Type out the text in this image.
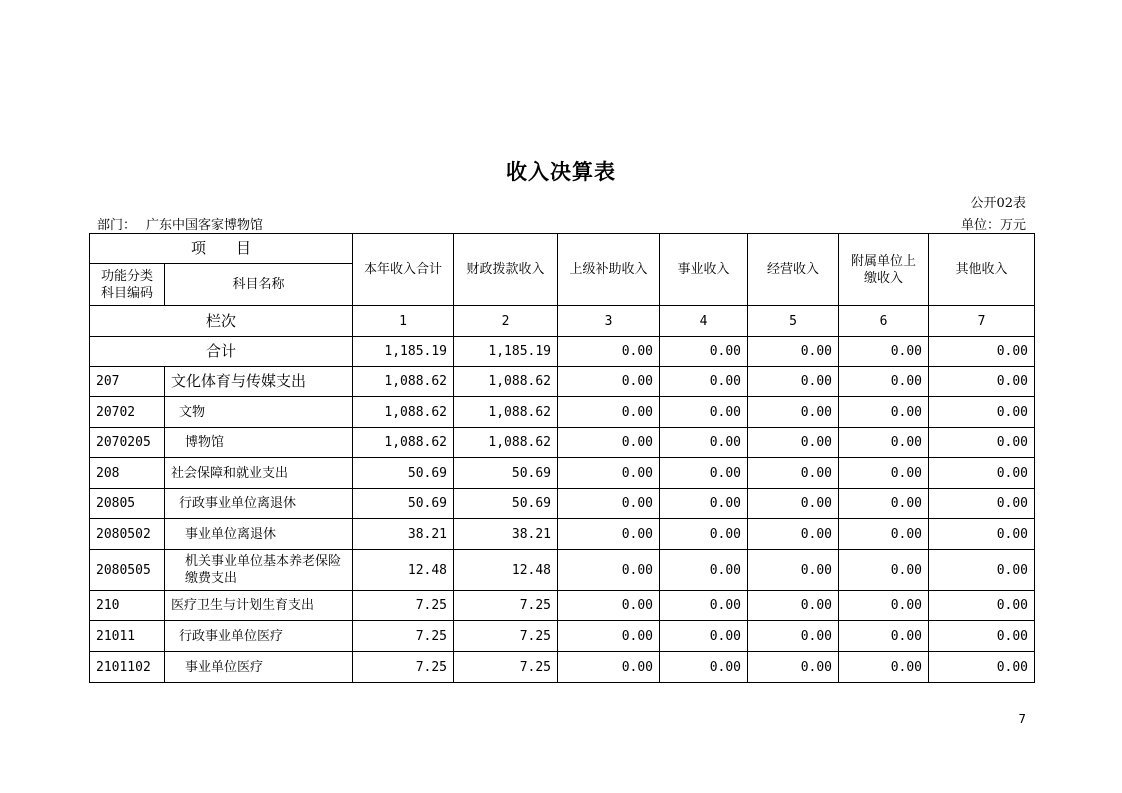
收入决算表
公开02表
部门： 广东中国客家博物馆	单位：万元
项　　目		本年收入合计	财政拨款收入	上级补助收入	事业收入	经营收入	附属单位上缴收入	其他收入
功能分类科目编码	科目名称							
栏次		1	2	3	4	5	6	7
合计		1,185.19	1,185.19	0.00	0.00	0.00	0.00	0.00
207	文化体育与传媒支出	1,088.62	1,088.62	0.00	0.00	0.00	0.00	0.00
20702	文物	1,088.62	1,088.62	0.00	0.00	0.00	0.00	0.00
2070205	博物馆	1,088.62	1,088.62	0.00	0.00	0.00	0.00	0.00
208	社会保障和就业支出	50.69	50.69	0.00	0.00	0.00	0.00	0.00
20805	行政事业单位离退休	50.69	50.69	0.00	0.00	0.00	0.00	0.00
2080502	事业单位离退休	38.21	38.21	0.00	0.00	0.00	0.00	0.00
2080505	机关事业单位基本养老保险缴费支出	12.48	12.48	0.00	0.00	0.00	0.00	0.00
210	医疗卫生与计划生育支出	7.25	7.25	0.00	0.00	0.00	0.00	0.00
21011	行政事业单位医疗	7.25	7.25	0.00	0.00	0.00	0.00	0.00
2101102	事业单位医疗	7.25	7.25	0.00	0.00	0.00	0.00	0.00
7
